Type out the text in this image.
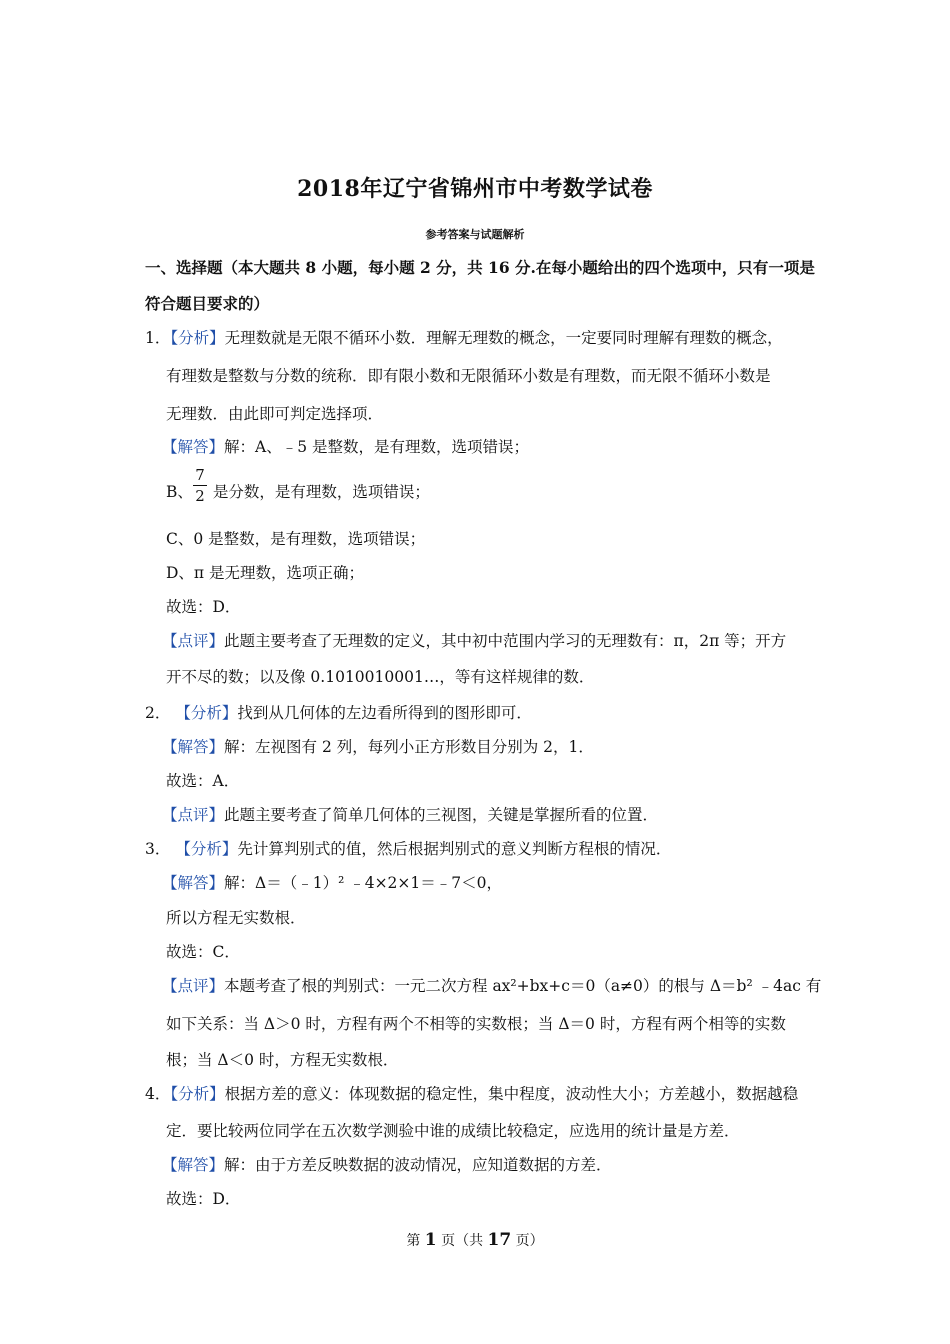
2018年辽宁省锦州市中考数学试卷
参考答案与试题解析
一、选择题（本大题共 8 小题，每小题 2 分，共 16 分.在每小题给出的四个选项中，只有一项是
符合题目要求的）
1．【分析】无理数就是无限不循环小数．理解无理数的概念，一定要同时理解有理数的概念，
有理数是整数与分数的统称．即有限小数和无限循环小数是有理数，而无限不循环小数是
无理数．由此即可判定选择项．
【解答】解：A、﹣5 是整数，是有理数，选项错误；
B、 是分数，是有理数，选项错误；
7
2
C、0 是整数，是有理数，选项错误；
D、π 是无理数，选项正确；
故选：D．
【点评】此题主要考查了无理数的定义，其中初中范围内学习的无理数有：π，2π 等；开方
开不尽的数；以及像 0.1010010001…，等有这样规律的数．
2． 【分析】找到从几何体的左边看所得到的图形即可．
【解答】解：左视图有 2 列，每列小正方形数目分别为 2，1．
故选：A．
【点评】此题主要考查了简单几何体的三视图，关键是掌握所看的位置．
3． 【分析】先计算判别式的值，然后根据判别式的意义判断方程根的情况．
【解答】解：Δ＝（﹣1）² ﹣4×2×1＝﹣7＜0，
所以方程无实数根．
故选：C．
【点评】本题考查了根的判别式：一元二次方程 ax²+bx+c＝0（a≠0）的根与 Δ＝b² ﹣4ac 有
如下关系：当 Δ＞0 时，方程有两个不相等的实数根；当 Δ＝0 时，方程有两个相等的实数
根；当 Δ＜0 时，方程无实数根．
4．【分析】根据方差的意义：体现数据的稳定性，集中程度，波动性大小；方差越小，数据越稳
定．要比较两位同学在五次数学测验中谁的成绩比较稳定，应选用的统计量是方差．
【解答】解：由于方差反映数据的波动情况，应知道数据的方差．
故选：D．
第 1 页（共 17 页）
